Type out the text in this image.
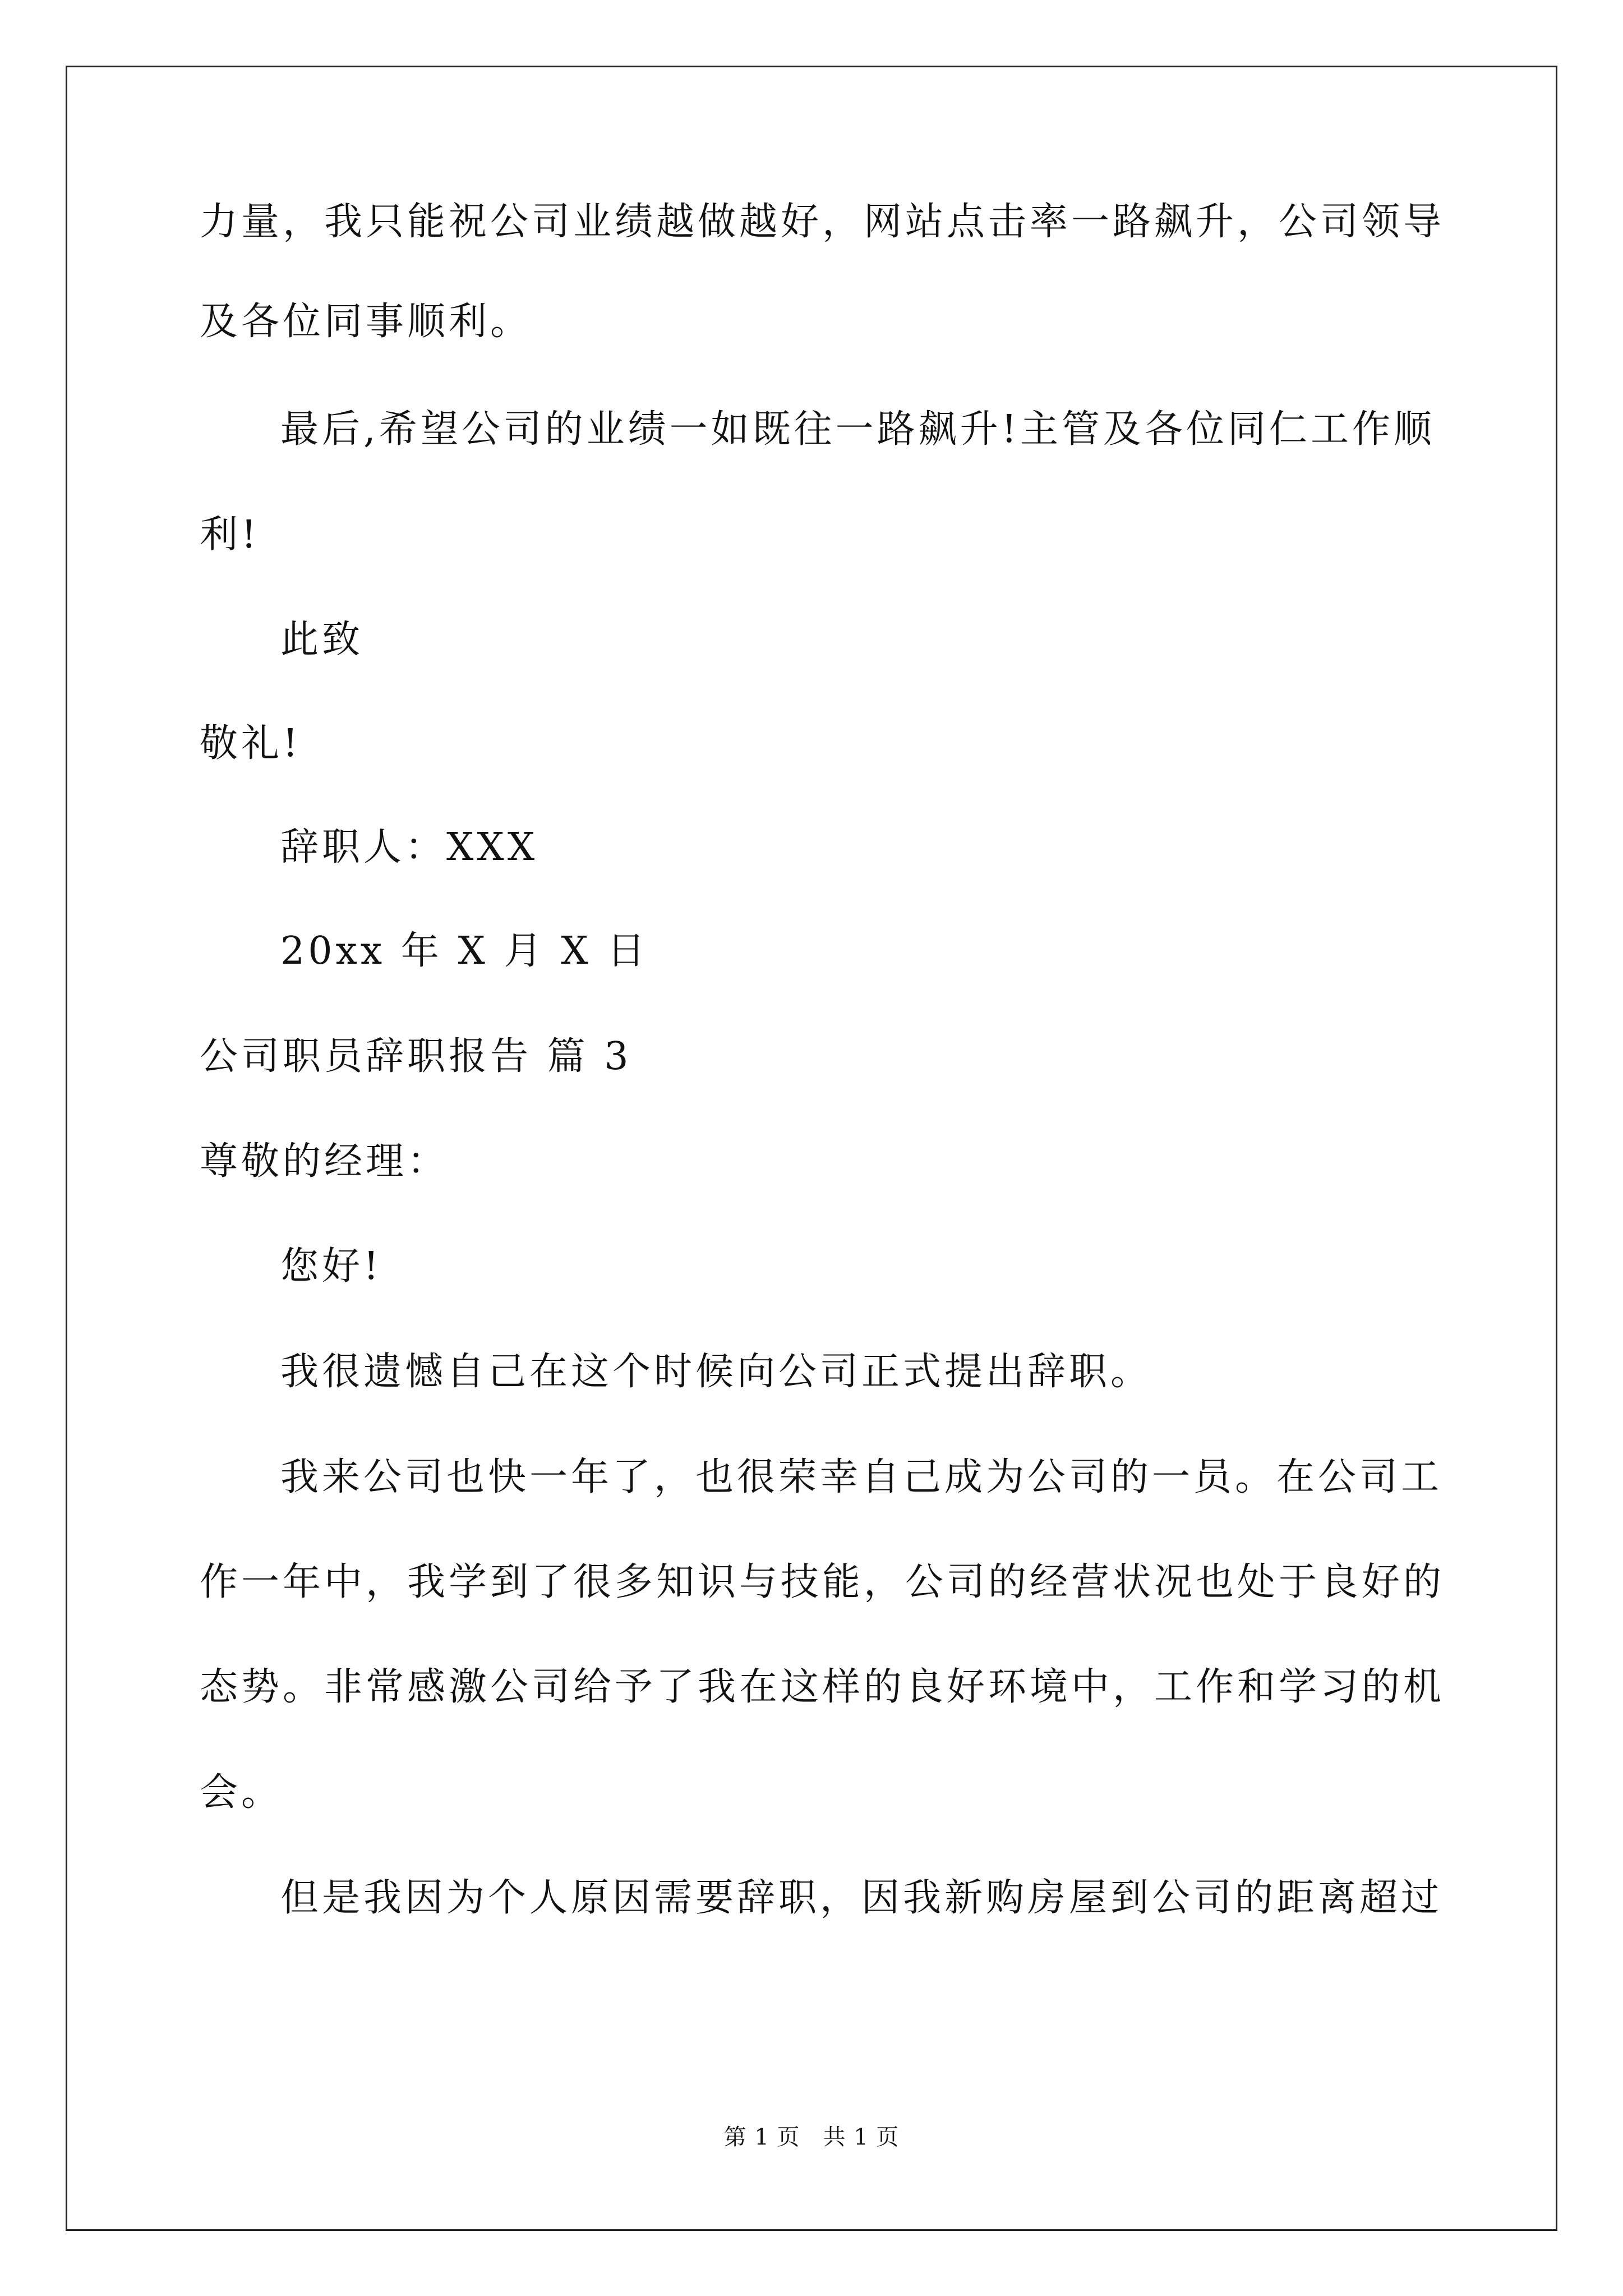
力量，我只能祝公司业绩越做越好，网站点击率一路飙升，公司领导
及各位同事顺利。
最后,希望公司的业绩一如既往一路飙升!主管及各位同仁工作顺
利!
此致
敬礼!
辞职人：XXX
20xx 年 X 月 X 日
公司职员辞职报告 篇 3
尊敬的经理：
您好!
我很遗憾自己在这个时候向公司正式提出辞职。
我来公司也快一年了，也很荣幸自己成为公司的一员。在公司工
作一年中，我学到了很多知识与技能，公司的经营状况也处于良好的
态势。非常感激公司给予了我在这样的良好环境中，工作和学习的机
会。
但是我因为个人原因需要辞职，因我新购房屋到公司的距离超过
第 1 页　共 1 页
